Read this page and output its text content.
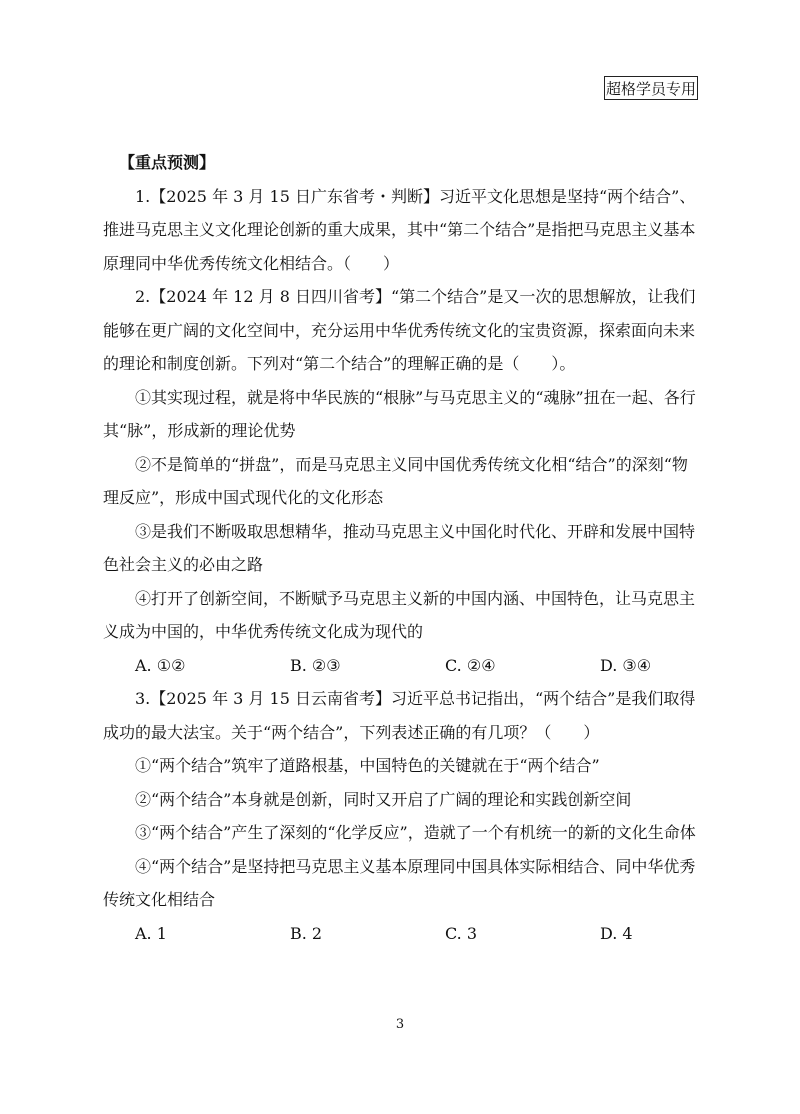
超格学员专用

【重点预测】

1.【2025 年 3 月 15 日广东省考・判断】习近平文化思想是坚持“两个结合”、推进马克思主义文化理论创新的重大成果，其中“第二个结合”是指把马克思主义基本原理同中华优秀传统文化相结合。（　　）

2.【2024 年 12 月 8 日四川省考】“第二个结合”是又一次的思想解放，让我们能够在更广阔的文化空间中，充分运用中华优秀传统文化的宝贵资源，探索面向未来的理论和制度创新。下列对“第二个结合”的理解正确的是（　　）。

①其实现过程，就是将中华民族的“根脉”与马克思主义的“魂脉”扭在一起、各行其“脉”，形成新的理论优势

②不是简单的“拼盘”，而是马克思主义同中国优秀传统文化相“结合”的深刻“物理反应”，形成中国式现代化的文化形态

③是我们不断吸取思想精华，推动马克思主义中国化时代化、开辟和发展中国特色社会主义的必由之路

④打开了创新空间，不断赋予马克思主义新的中国内涵、中国特色，让马克思主义成为中国的，中华优秀传统文化成为现代的

A. ①②	B. ②③	C. ②④	D. ③④

3.【2025 年 3 月 15 日云南省考】习近平总书记指出，“两个结合”是我们取得成功的最大法宝。关于“两个结合”，下列表述正确的有几项？（　　）

①“两个结合”筑牢了道路根基，中国特色的关键就在于“两个结合”

②“两个结合”本身就是创新，同时又开启了广阔的理论和实践创新空间

③“两个结合”产生了深刻的“化学反应”，造就了一个有机统一的新的文化生命体

④“两个结合”是坚持把马克思主义基本原理同中国具体实际相结合、同中华优秀传统文化相结合

A. 1	B. 2	C. 3	D. 4
3
